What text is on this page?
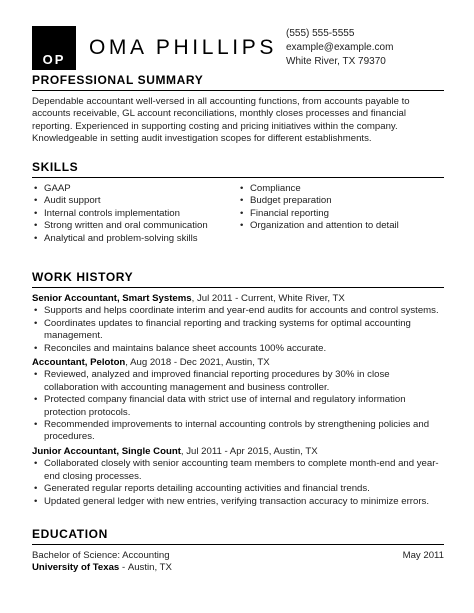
OP
OMA PHILLIPS
(555) 555-5555
example@example.com
White River, TX 79370
PROFESSIONAL SUMMARY
Dependable accountant well-versed in all accounting functions, from accounts payable to accounts receivable, GL account reconciliations, monthly closes processes and financial reporting. Experienced in supporting costing and pricing initiatives within the company. Knowledgeable in setting audit investigation scopes for different establishments.
SKILLS
• GAAP
• Audit support
• Internal controls implementation
• Strong written and oral communication
• Analytical and problem-solving skills
• Compliance
• Budget preparation
• Financial reporting
• Organization and attention to detail
WORK HISTORY
Senior Accountant, Smart Systems, Jul 2011 - Current, White River, TX
• Supports and helps coordinate interim and year-end audits for accounts and control systems.
• Coordinates updates to financial reporting and tracking systems for optimal accounting management.
• Reconciles and maintains balance sheet accounts 100% accurate.
Accountant, Peloton, Aug 2018 - Dec 2021, Austin, TX
• Reviewed, analyzed and improved financial reporting procedures by 30% in close collaboration with accounting management and business controller.
• Protected company financial data with strict use of internal and regulatory information protection protocols.
• Recommended improvements to internal accounting controls by strengthening policies and procedures.
Junior Accountant, Single Count, Jul 2011 - Apr 2015, Austin, TX
• Collaborated closely with senior accounting team members to complete month-end and year-end closing processes.
• Generated regular reports detailing accounting activities and financial trends.
• Updated general ledger with new entries, verifying transaction accuracy to minimize errors.
EDUCATION
Bachelor of Science: Accounting	May 2011
University of Texas - Austin, TX
